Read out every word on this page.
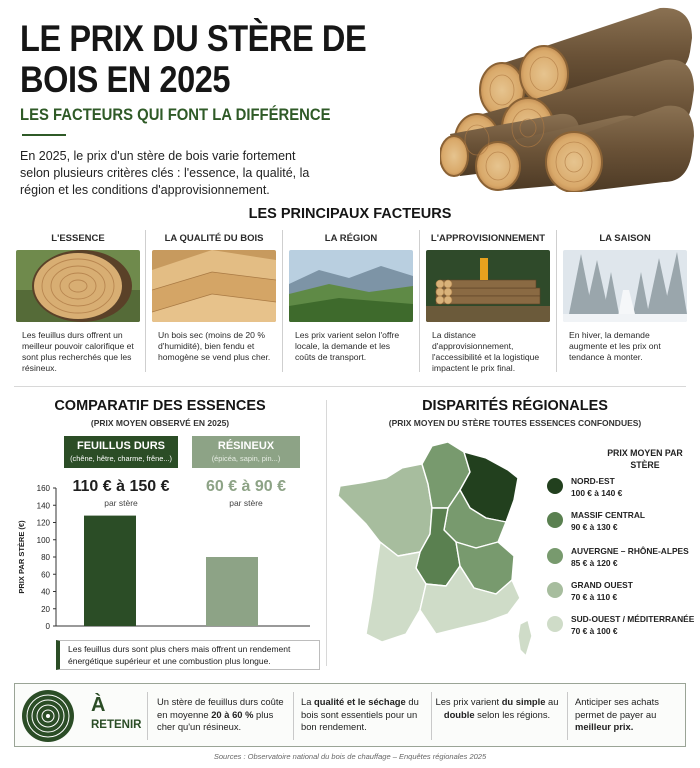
LE PRIX DU STÈRE DE BOIS EN 2025
LES FACTEURS QUI FONT LA DIFFÉRENCE
En 2025, le prix d'un stère de bois varie fortement selon plusieurs critères clés : l'essence, la qualité, la région et les conditions d'approvisionnement.
LES PRINCIPAUX FACTEURS
L'ESSENCE
Les feuillus durs offrent un meilleur pouvoir calorifique et sont plus recherchés que les résineux.
LA QUALITÉ DU BOIS
Un bois sec (moins de 20 % d'humidité), bien fendu et homogène se vend plus cher.
LA RÉGION
Les prix varient selon l'offre locale, la demande et les coûts de transport.
L'APPROVISIONNEMENT
La distance d'approvisionnement, l'accessibilité et la logistique impactent le prix final.
LA SAISON
En hiver, la demande augmente et les prix ont tendance à monter.
COMPARATIF DES ESSENCES
(PRIX MOYEN OBSERVÉ EN 2025)
FEUILLUS DURS
(chêne, hêtre, charme, frêne...)
RÉSINEUX
(épicéa, sapin, pin...)
110 € à 150 €
par stère
60 € à 90 €
par stère
PRIX PAR STÈRE (€)
0
20
40
60
80
100
120
140
160
Les feuillus durs sont plus chers mais offrent un rendement énergétique supérieur et une combustion plus longue.
DISPARITÉS RÉGIONALES
(PRIX MOYEN DU STÈRE TOUTES ESSENCES CONFONDUES)
PRIX MOYEN PAR STÈRE
NORD-EST
100 € à 140 €
MASSIF CENTRAL
90 € à 130 €
AUVERGNE – RHÔNE-ALPES
85 € à 120 €
GRAND OUEST
70 € à 110 €
SUD-OUEST / MÉDITERRANÉE
70 € à 100 €
À
RETENIR
Un stère de feuillus durs coûte en moyenne 20 à 60 % plus cher qu'un résineux.
La qualité et le séchage du bois sont essentiels pour un bon rendement.
Les prix varient du simple au double selon les régions.
Anticiper ses achats permet de payer au meilleur prix.
Sources : Observatoire national du bois de chauffage – Enquêtes régionales 2025
